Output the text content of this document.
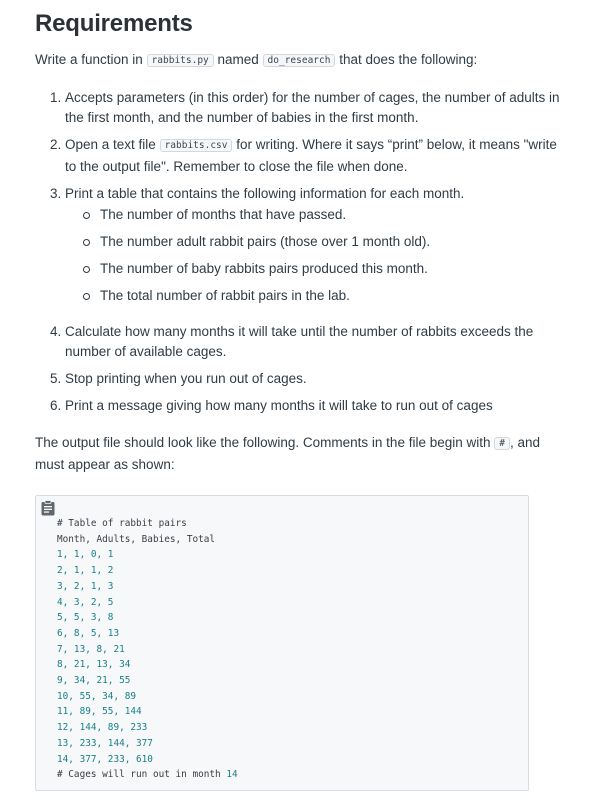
Requirements

Write a function in rabbits.py named do_research that does the following:

1. Accepts parameters (in this order) for the number of cages, the number of adults in the first month, and the number of babies in the first month.
2. Open a text file rabbits.csv for writing. Where it says “print” below, it means "write to the output file". Remember to close the file when done.
3. Print a table that contains the following information for each month.
The number of months that have passed.
The number adult rabbit pairs (those over 1 month old).
The number of baby rabbits pairs produced this month.
The total number of rabbit pairs in the lab.
4. Calculate how many months it will take until the number of rabbits exceeds the number of available cages.
5. Stop printing when you run out of cages.
6. Print a message giving how many months it will take to run out of cages

The output file should look like the following. Comments in the file begin with # , and must appear as shown:

# Table of rabbit pairs
Month, Adults, Babies, Total
1, 1, 0, 1
2, 1, 1, 2
3, 2, 1, 3
4, 3, 2, 5
5, 5, 3, 8
6, 8, 5, 13
7, 13, 8, 21
8, 21, 13, 34
9, 34, 21, 55
10, 55, 34, 89
11, 89, 55, 144
12, 144, 89, 233
13, 233, 144, 377
14, 377, 233, 610
# Cages will run out in month 14
